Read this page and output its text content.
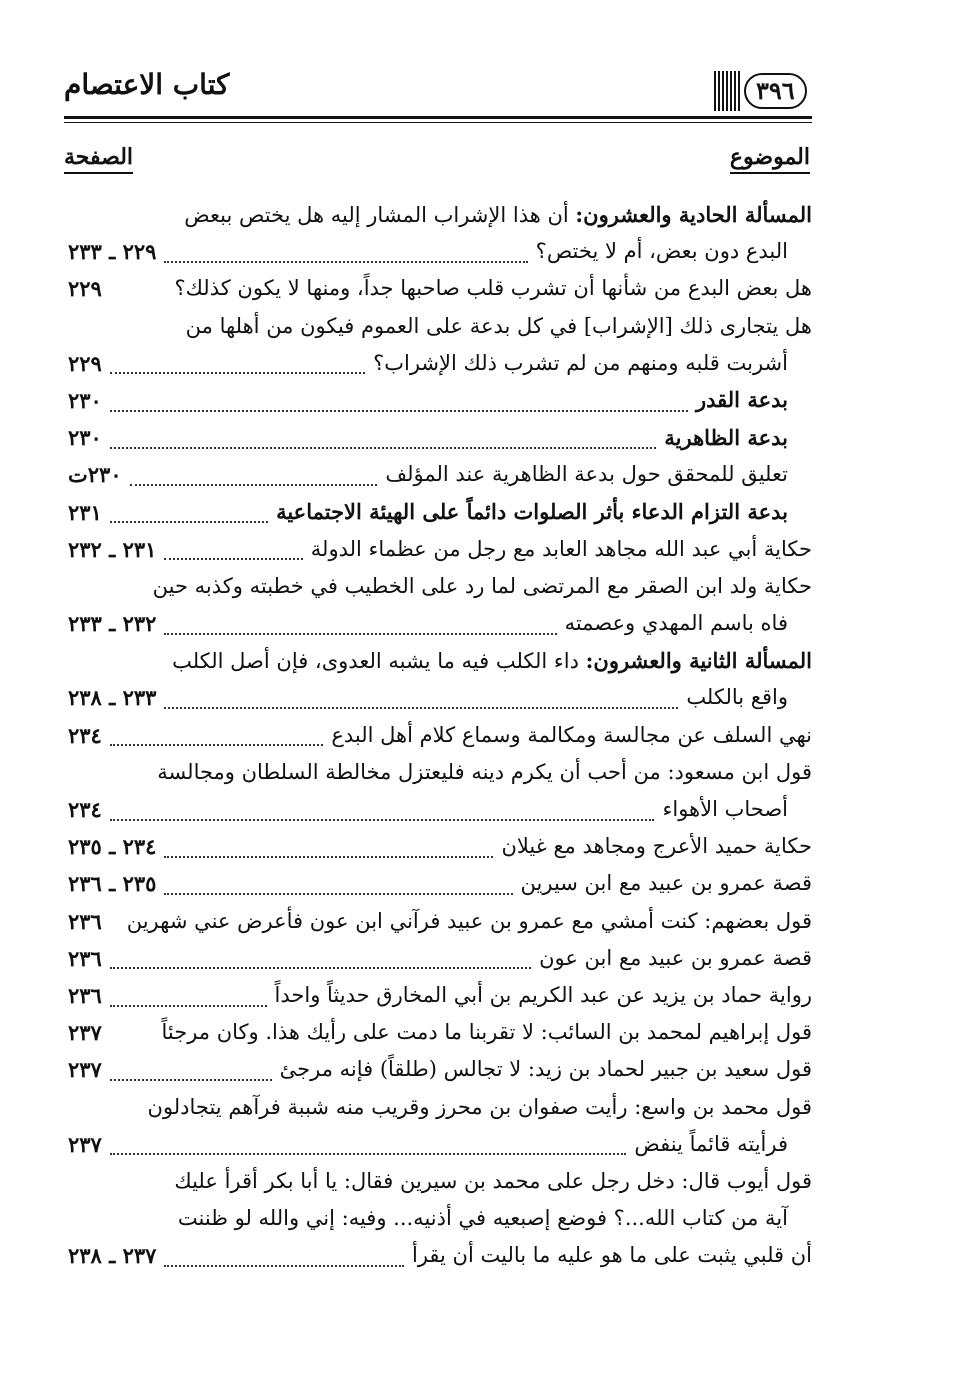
كتاب الاعتصام	٣٩٦
الموضوع
الصفحة
المسألة الحادية والعشرون: أن هذا الإشراب المشار إليه هل يختص ببعض
البدع دون بعض، أم لا يختص؟
٢٢٩ ـ ٢٣٣
هل بعض البدع من شأنها أن تشرب قلب صاحبها جداً، ومنها لا يكون كذلك؟
٢٢٩
هل يتجارى ذلك [الإشراب] في كل بدعة على العموم فيكون من أهلها من
أشربت قلبه ومنهم من لم تشرب ذلك الإشراب؟
٢٢٩
بدعة القدر
٢٣٠
بدعة الظاهرية
٢٣٠
تعليق للمحقق حول بدعة الظاهرية عند المؤلف
٢٣٠ت
بدعة التزام الدعاء بأثر الصلوات دائماً على الهيئة الاجتماعية
٢٣١
حكاية أبي عبد الله مجاهد العابد مع رجل من عظماء الدولة
٢٣١ ـ ٢٣٢
حكاية ولد ابن الصقر مع المرتضى لما رد على الخطيب في خطبته وكذبه حين
فاه باسم المهدي وعصمته
٢٣٢ ـ ٢٣٣
المسألة الثانية والعشرون: داء الكلب فيه ما يشبه العدوى، فإن أصل الكلب
واقع بالكلب
٢٣٣ ـ ٢٣٨
نهي السلف عن مجالسة ومكالمة وسماع كلام أهل البدع
٢٣٤
قول ابن مسعود: من أحب أن يكرم دينه فليعتزل مخالطة السلطان ومجالسة
أصحاب الأهواء
٢٣٤
حكاية حميد الأعرج ومجاهد مع غيلان
٢٣٤ ـ ٢٣٥
قصة عمرو بن عبيد مع ابن سيرين
٢٣٥ ـ ٢٣٦
قول بعضهم: كنت أمشي مع عمرو بن عبيد فرآني ابن عون فأعرض عني شهرين
٢٣٦
قصة عمرو بن عبيد مع ابن عون
٢٣٦
رواية حماد بن يزيد عن عبد الكريم بن أبي المخارق حديثاً واحداً
٢٣٦
قول إبراهيم لمحمد بن السائب: لا تقربنا ما دمت على رأيك هذا. وكان مرجئاً
٢٣٧
قول سعيد بن جبير لحماد بن زيد: لا تجالس (طلقاً) فإنه مرجئ
٢٣٧
قول محمد بن واسع: رأيت صفوان بن محرز وقريب منه شببة فرآهم يتجادلون
فرأيته قائماً ينفض
٢٣٧
قول أيوب قال: دخل رجل على محمد بن سيرين فقال: يا أبا بكر أقرأ عليك
آية من كتاب الله...؟ فوضع إصبعيه في أذنيه... وفيه: إني والله لو ظننت
أن قلبي يثبت على ما هو عليه ما باليت أن يقرأ
٢٣٧ ـ ٢٣٨
